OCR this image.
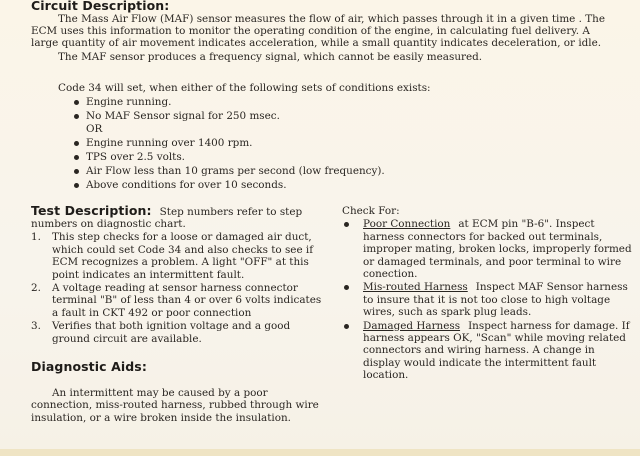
Circuit Description:
The Mass Air Flow (MAF) sensor measures the flow of air, which passes through it in a given time . The
ECM uses this information to monitor the operating condition of the engine, in calculating fuel delivery. A
large quantity of air movement indicates acceleration, while a small quantity indicates deceleration, or idle.
The MAF sensor produces a frequency signal, which cannot be easily measured.
Code 34 will set, when either of the following sets of conditions exists:
Engine running.
No MAF Sensor signal for 250 msec.
OR
Engine running over 1400 rpm.
TPS over 2.5 volts.
Air Flow less than 10 grams per second (low frequency).
Above conditions for over 10 seconds.
Test Description: Step numbers refer to step
numbers on diagnostic chart.
1. This step checks for a loose or damaged air duct,
which could set Code 34 and also checks to see if
ECM recognizes a problem. A light "OFF" at this
point indicates an intermittent fault.
2. A voltage reading at sensor harness connector
terminal "B" of less than 4 or over 6 volts indicates
a fault in CKT 492 or poor connection
3. Verifies that both ignition voltage and a good
ground circuit are available.
Diagnostic Aids:
An intermittent may be caused by a poor
connection, miss-routed harness, rubbed through wire
insulation, or a wire broken inside the insulation.
Check For:
Poor Connection at ECM pin "B-6". Inspect
harness connectors for backed out terminals,
improper mating, broken locks, improperly formed
or damaged terminals, and poor terminal to wire
conection.
Mis-routed Harness Inspect MAF Sensor harness
to insure that it is not too close to high voltage
wires, such as spark plug leads.
Damaged Harness Inspect harness for damage. If
harness appears OK, "Scan" while moving related
connectors and wiring harness. A change in
display would indicate the intermittent fault
location.
